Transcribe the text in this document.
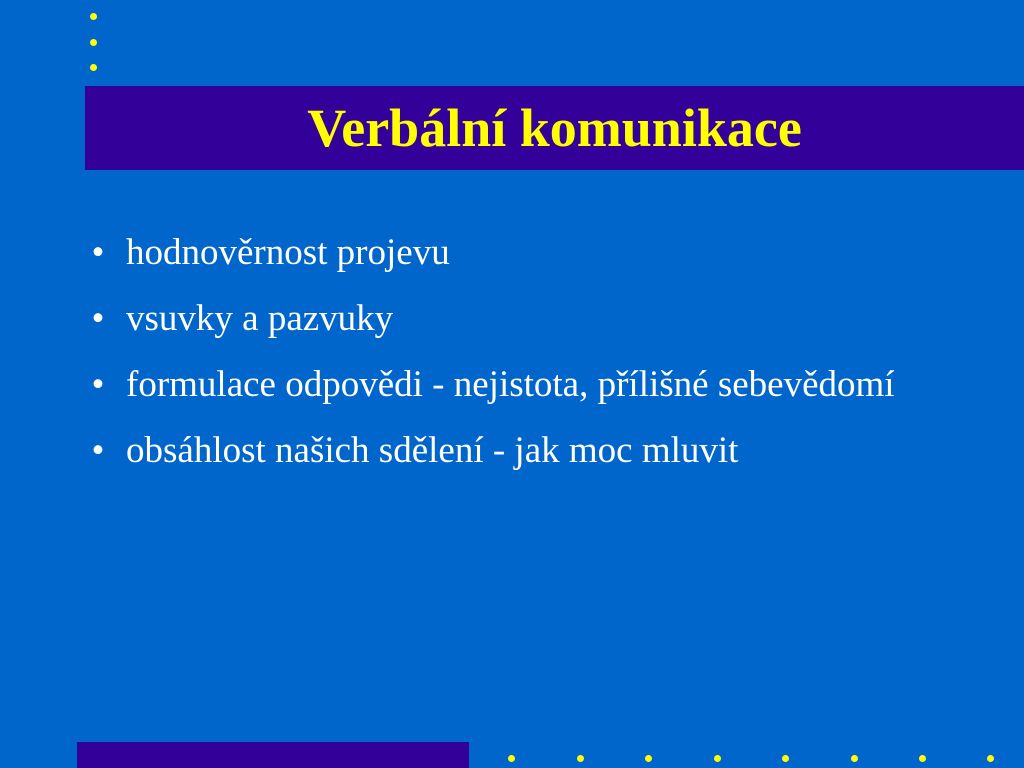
Verbální komunikace
• hodnověrnost projevu
• vsuvky a pazvuky
• formulace odpovědi - nejistota, přílišné sebevědomí
• obsáhlost našich sdělení - jak moc mluvit
